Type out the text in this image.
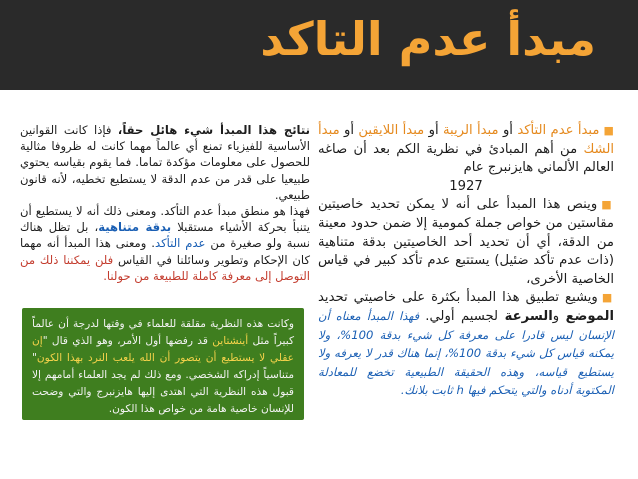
مبدأ عدم التاكد

■مبدأ عدم التأكد أو مبدأ الريبة أو مبدأ اللايقين أو مبدأ الشك من أهم المبادئ في نظرية الكم بعد أن صاغه العالم الألماني هايزنبرج عام

1927

■وينص هذا المبدأ على أنه لا يمكن تحديد خاصيتين مقاستين من خواص جملة كمومية إلا ضمن حدود معينة من الدقة، أي أن تحديد أحد الخاصيتين بدقة متناهية (ذات عدم تأكد ضئيل) يستتبع عدم تأكد كبير في قياس الخاصية الأخرى،

■ويشيع تطبيق هذا المبدأ بكثرة على خاصيتي تحديد الموضع والسرعة لجسيم أولي. فهذا المبدأ معناه أن الإنسان ليس قادرا على معرفة كل شيء بدقة 100%، ولا يمكنه قياس كل شيء بدقة 100%، إنما هناك قدر لا يعرفه ولا يستطيع قياسه، وهذه الحقيقة الطبيعية تخضع للمعادلة المكتوبة أدناه والتي يتحكم فيها h ثابت بلانك.

نتائج هذا المبدأ شيء هائل حقاً، فإذا كانت القوانين الأساسية للفيزياء تمنع أي عالماً مهما كانت له ظروفا مثالية للحصول على معلومات مؤكدة تماما. فما يقوم بقياسه يحتوي طبيعيا على قدر من عدم الدقة لا يستطيع تخطيه، لأنه قانون طبيعي.

فهذا هو منطق مبدأ عدم التأكد. ومعنى ذلك أنه لا يستطيع أن يتنبأ بحركة الأشياء مستقبلا بدقة متناهية، بل تظل هناك نسبة ولو صغيرة من عدم التأكد. ومعنى هذا المبدأ أنه مهما كان الإحكام وتطوير وسائلنا في القياس فلن يمكننا ذلك من التوصل إلى معرفة كاملة للطبيعة من حولنا.

وكانت هذه النظرية مقلقة للعلماء في وقتها لدرجة أن عالماً كبيراً مثل أينشتاين قد رفضها أول الأمر، وهو الذي قال "إن عقلي لا يستطيع أن يتصور أن الله يلعب النرد بهذا الكون" متناسياً إدراكه الشخصي. ومع ذلك لم يجد العلماء أمامهم إلا قبول هذه النظرية التي اهتدى إليها هايزنبرج والتي وضحت للإنسان خاصية هامة من خواص هذا الكون.
